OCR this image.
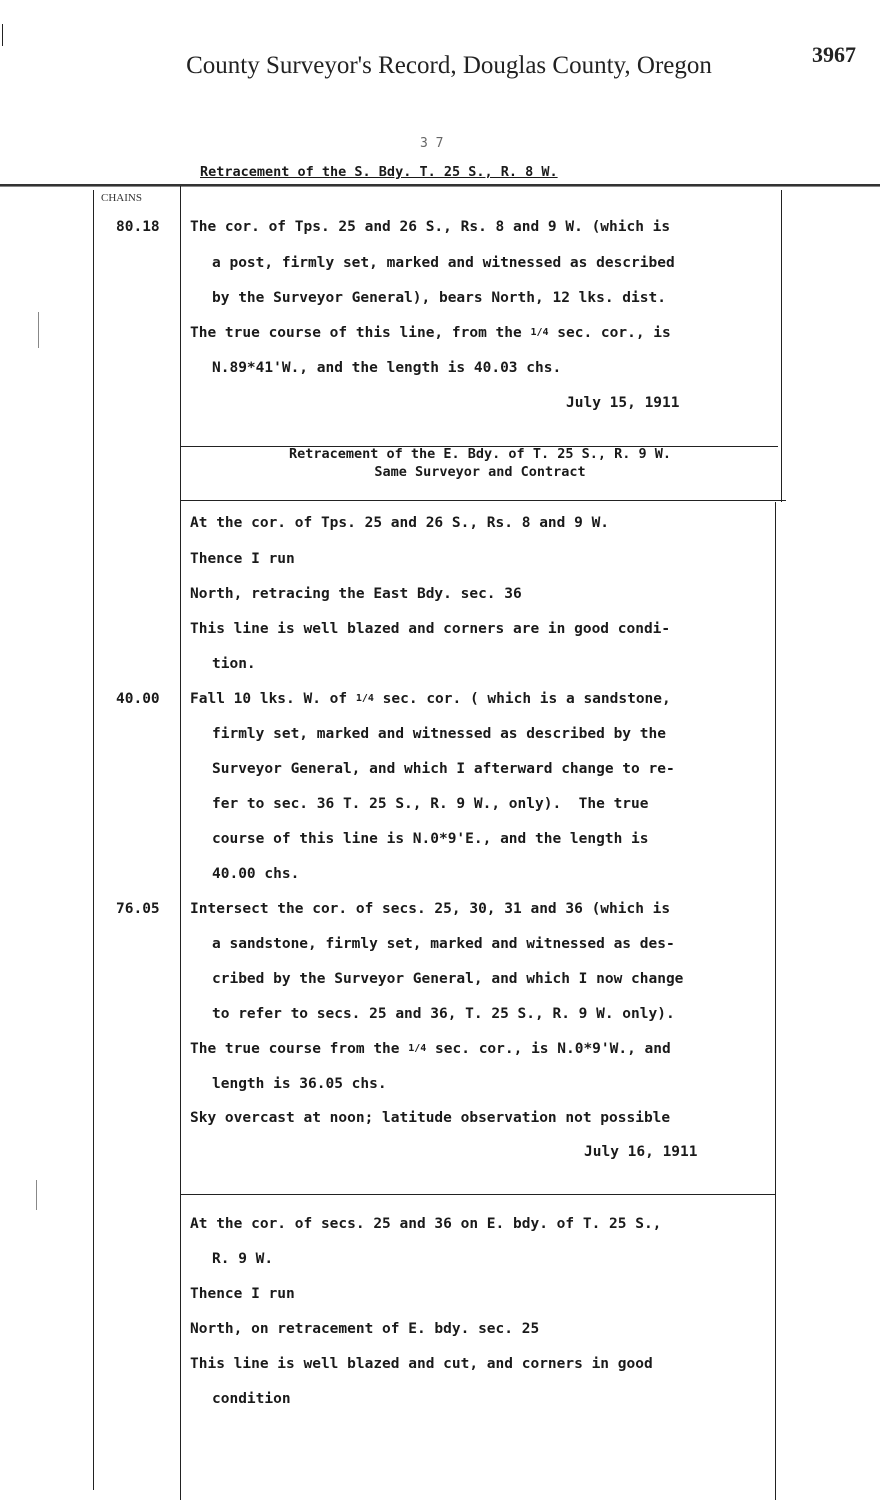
County Surveyor's Record, Douglas County, Oregon	3967
3 7
Retracement of the S. Bdy. T. 25 S., R. 8 W.
CHAINS
80.18 The cor. of Tps. 25 and 26 S., Rs. 8 and 9 W. (which is
a post, firmly set, marked and witnessed as described
by the Surveyor General), bears North, 12 lks. dist.
The true course of this line, from the 1/4 sec. cor., is
N.89*41'W., and the length is 40.03 chs.
July 15, 1911
Retracement of the E. Bdy. of T. 25 S., R. 9 W.
Same Surveyor and Contract
At the cor. of Tps. 25 and 26 S., Rs. 8 and 9 W.
Thence I run
North, retracing the East Bdy. sec. 36
This line is well blazed and corners are in good condi-
tion.
40.00 Fall 10 lks. W. of 1/4 sec. cor. ( which is a sandstone,
firmly set, marked and witnessed as described by the
Surveyor General, and which I afterward change to re-
fer to sec. 36 T. 25 S., R. 9 W., only).  The true
course of this line is N.0*9'E., and the length is
40.00 chs.
76.05 Intersect the cor. of secs. 25, 30, 31 and 36 (which is
a sandstone, firmly set, marked and witnessed as des-
cribed by the Surveyor General, and which I now change
to refer to secs. 25 and 36, T. 25 S., R. 9 W. only).
The true course from the 1/4 sec. cor., is N.0*9'W., and
length is 36.05 chs.
Sky overcast at noon; latitude observation not possible
July 16, 1911
At the cor. of secs. 25 and 36 on E. bdy. of T. 25 S.,
R. 9 W.
Thence I run
North, on retracement of E. bdy. sec. 25
This line is well blazed and cut, and corners in good
condition
